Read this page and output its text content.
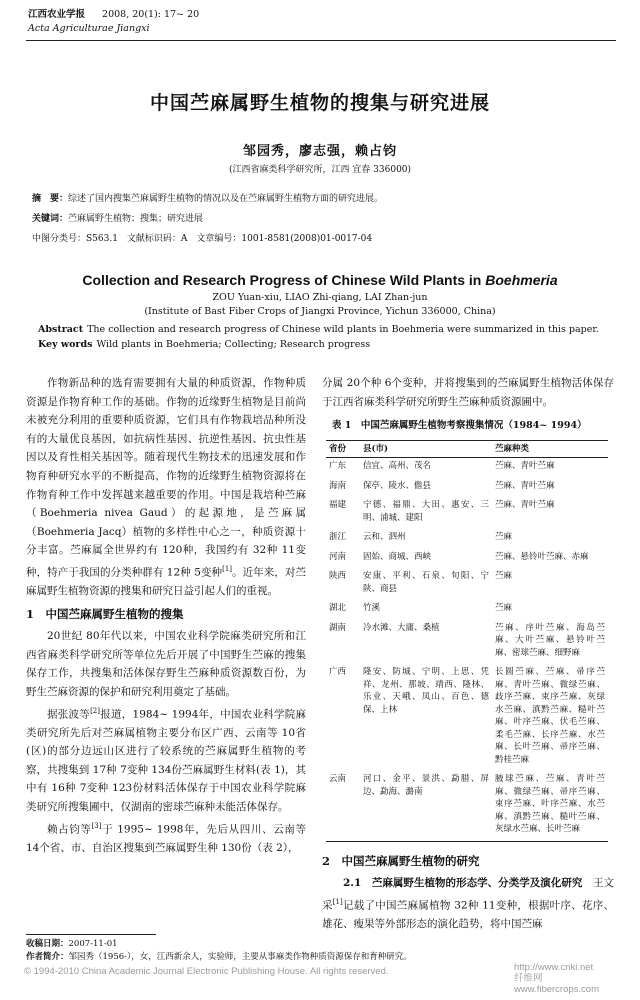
江西农业学报 2008, 20(1): 17~ 20
Acta Agriculturae Jiangxi
中国苎麻属野生植物的搜集与研究进展
邹园秀，廖志强，赖占钧
(江西省麻类科学研究所，江西 宜春 336000)
摘　要：综述了国内搜集苎麻属野生植物的情况以及在苎麻属野生植物方面的研究进展。
关键词：苎麻属野生植物；搜集；研究进展
中图分类号：S563.1　文献标识码：A　文章编号：1001-8581(2008)01-0017-04
Collection and Research Progress of Chinese Wild Plants in Boehmeria
ZOU Yuan-xiu, LIAO Zhi-qiang, LAI Zhan-jun
(Institute of Bast Fiber Crops of Jiangxi Province, Yichun 336000, China)
Abstract The collection and research progress of Chinese wild plants in Boehmeria were summarized in this paper.
Key words Wild plants in Boehmeria; Collecting; Research progress

作物新品种的选育需要拥有大量的种质资源，作物种质资源是作物育种工作的基础。作物的近缘野生植物是目前尚未被充分利用的重要种质资源，它们具有作物栽培品种所没有的大量优良基因，如抗病性基因、抗逆性基因、抗虫性基因以及育性相关基因等。随着现代生物技术的迅速发展和作物育种研究水平的不断提高，作物的近缘野生植物资源将在作物育种工作中发挥越来越重要的作用。中国是栽培种苎麻（Boehmeria nivea Gaud）的起源地，是苎麻属（Boehmeria Jacq）植物的多样性中心之一，种质资源十分丰富。苎麻属全世界约有 120种，我国约有 32种 11变种，特产于我国的分类种群有 12种 5变种[1]。近年来，对苎麻属野生植物资源的搜集和研究日益引起人们的重视。

1　中国苎麻属野生植物的搜集

20世纪 80年代以来，中国农业科学院麻类研究所和江西省麻类科学研究所等单位先后开展了中国野生苎麻的搜集保存工作，共搜集和活体保存野生苎麻种质资源数百份，为野生苎麻资源的保护和研究利用奠定了基础。

据张波等[2]报道，1984~ 1994年，中国农业科学院麻类研究所先后对苎麻属植物主要分布区广西、云南等 10省(区)的部分边远山区进行了较系统的苎麻属野生植物的考察，共搜集到 17种 7变种 134份苎麻属野生材料(表 1)，其中有 16种 7变种 123份材料活体保存于中国农业科学院麻类研究所搜集圃中，仅湖南的密球苎麻种未能活体保存。

赖占钧等[3]于 1995~ 1998年，先后从四川、云南等 14个省、市、自治区搜集到苎麻属野生种 130份（表 2），

分属 20个种 6个变种，并将搜集到的苎麻属野生植物活体保存于江西省麻类科学研究所野生苎麻种质资源圃中。

表 1　中国苎麻属野生植物考察搜集情况（1984~ 1994）
省份	县(市)	苎麻种类
广东	信宜、高州、茂名	苎麻、青叶苎麻
海南	保亭、陵水、儋县	苎麻、青叶苎麻
福建	宁德、福鼎、大田、惠安、三明、浦城、建阳	苎麻、青叶苎麻
浙江	云和、泗州	苎麻
河南	固始、商城、西峡	苎麻、悬铃叶苎麻、赤麻
陕西	安康、平利、石泉、旬阳、宁陕、商县	苎麻
湖北	竹溪	苎麻
湖南	冷水滩、大庸、桑植	苎麻、序叶苎麻、海岛苎麻、大叶苎麻、悬铃叶苎麻、密球苎麻、细野麻
广西	隆安、防城、宁明、上思、凭祥、龙州、那坡、靖西、隆林、乐业、天峨、凤山、百色、德保、上林	长圆苎麻、苎麻、帚序苎麻、青叶苎麻、微绿苎麻、歧序苎麻、束序苎麻、灰绿水苎麻、滇黔苎麻、糙叶苎麻、叶序苎麻、伏毛苎麻、柔毛苎麻、长序苎麻、水苎麻、长叶苎麻、帚序苎麻、黔桂苎麻
云南	河口、金平、景洪、勐腊、屏边、勐海、潞南	腋球苎麻、苎麻、青叶苎麻、微绿苎麻、帚序苎麻、束序苎麻、叶序苎麻、水苎麻、滇黔苎麻、糙叶苎麻、灰绿水苎麻、长叶苎麻
2　中国苎麻属野生植物的研究

2.1　苎麻属野生植物的形态学、分类学及演化研究　 王文采[1]记载了中国苎麻属植物 32种 11变种，根据叶序、花序、雄花、瘦果等外部形态的演化趋势，将中国苎麻

收稿日期：2007-11-01
作者简介：邹园秀（1956-），女，江西新余人，实验师，主要从事麻类作物种质资源保存和育种研究。
© 1994-2010 China Academic Journal Electronic Publishing House. All rights reserved.	http://www.cnki.net
纤维网 www.fibercrops.com
